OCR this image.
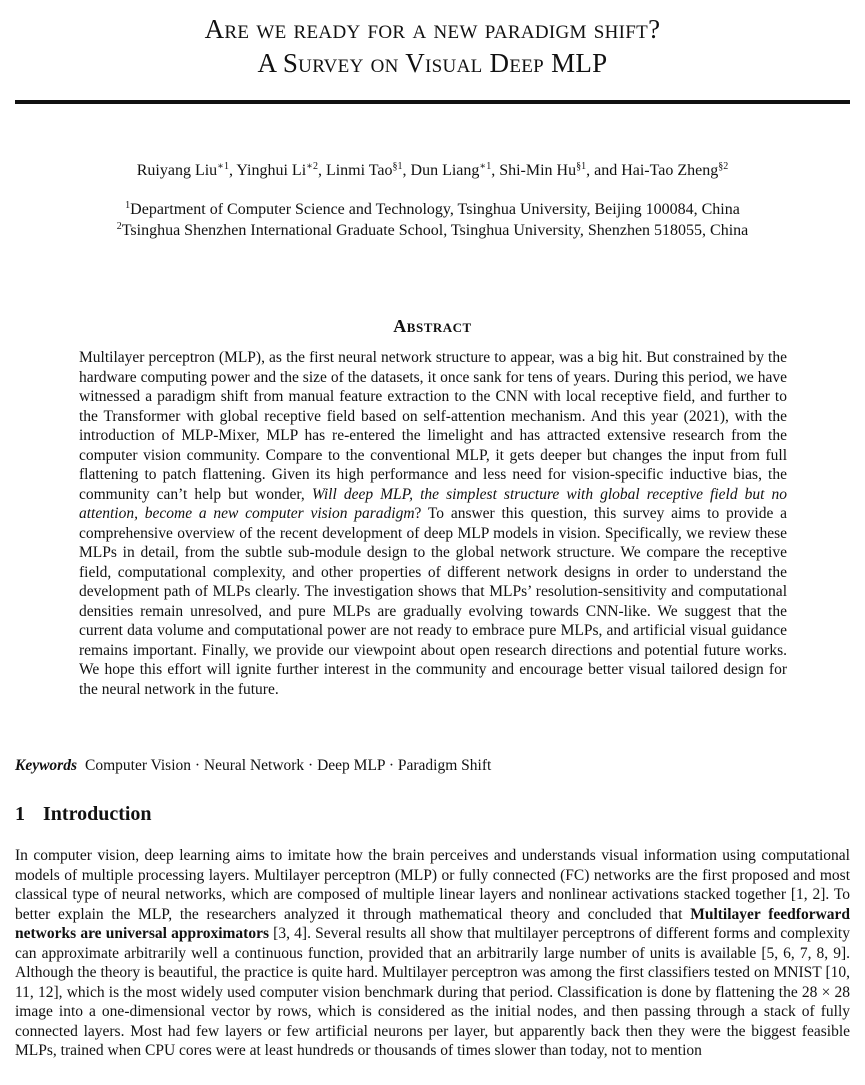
Are we ready for a new paradigm shift?
A Survey on Visual Deep MLP
Ruiyang Liu$^{∗1}$, Yinghui $Li^{∗2}$, Linmi Tao$^{\S 1}$, Dun Liang$^{∗1}$, Shi-Min Hu$^{\S 1}$, and Hai-Tao Zheng$^{\S 2}$
$^1$Department of Computer Science and Technology, Tsinghua University, Beijing 100084, China
$^2$Tsinghua Shenzhen International Graduate School, Tsinghua University, Shenzhen 518055, China
Abstract
Multilayer perceptron (MLP), as the first neural network structure to appear, was a big hit. But constrained by the hardware computing power and the size of the datasets, it once sank for tens of years. During this period, we have witnessed a paradigm shift from manual feature extraction to the CNN with local receptive field, and further to the Transformer with global receptive field based on self-attention mechanism. And this year (2021), with the introduction of MLP-Mixer, MLP has re-entered the limelight and has attracted extensive research from the computer vision community. Compare to the conventional MLP, it gets deeper but changes the input from full flattening to patch flattening. Given its high performance and less need for vision-specific inductive bias, the community can’t help but wonder, Will deep MLP, the simplest structure with global receptive field but no attention, become a new computer vision paradigm? To answer this question, this survey aims to provide a comprehensive overview of the recent development of deep MLP models in vision. Specifically, we review these MLPs in detail, from the subtle sub-module design to the global network structure. We compare the receptive field, computational complexity, and other properties of different network designs in order to understand the development path of MLPs clearly. The investigation shows that MLPs’ resolution-sensitivity and computational densities remain unresolved, and pure MLPs are gradually evolving towards CNN-like. We suggest that the current data volume and computational power are not ready to embrace pure MLPs, and artificial visual guidance remains important. Finally, we provide our viewpoint about open research directions and potential future works. We hope this effort will ignite further interest in the community and encourage better visual tailored design for the neural network in the future.
Keywords Computer Vision · Neural Network · Deep MLP · Paradigm Shift
1 Introduction
In computer vision, deep learning aims to imitate how the brain perceives and understands visual information using computational models of multiple processing layers. Multilayer perceptron (MLP) or fully connected (FC) networks are the first proposed and most classical type of neural networks, which are composed of multiple linear layers and nonlinear activations stacked together [1, 2]. To better explain the MLP, the researchers analyzed it through mathematical theory and concluded that Multilayer feedforward networks are universal approximators [3, 4]. Several results all show that multilayer perceptrons of different forms and complexity can approximate arbitrarily well a continuous function, provided that an arbitrarily large number of units is available [5, 6, 7, 8, 9]. Although the theory is beautiful, the practice is quite hard. Multilayer perceptron was among the first classifiers tested on MNIST [10, 11, 12], which is the most widely used computer vision benchmark during that period. Classification is done by flattening the 28 × 28 image into a one-dimensional vector by rows, which is considered as the initial nodes, and then passing through a stack of fully connected layers. Most had few layers or few artificial neurons per layer, but apparently back then they were the biggest feasible MLPs, trained when CPU cores were at least hundreds or thousands of times slower than today, not to mention
